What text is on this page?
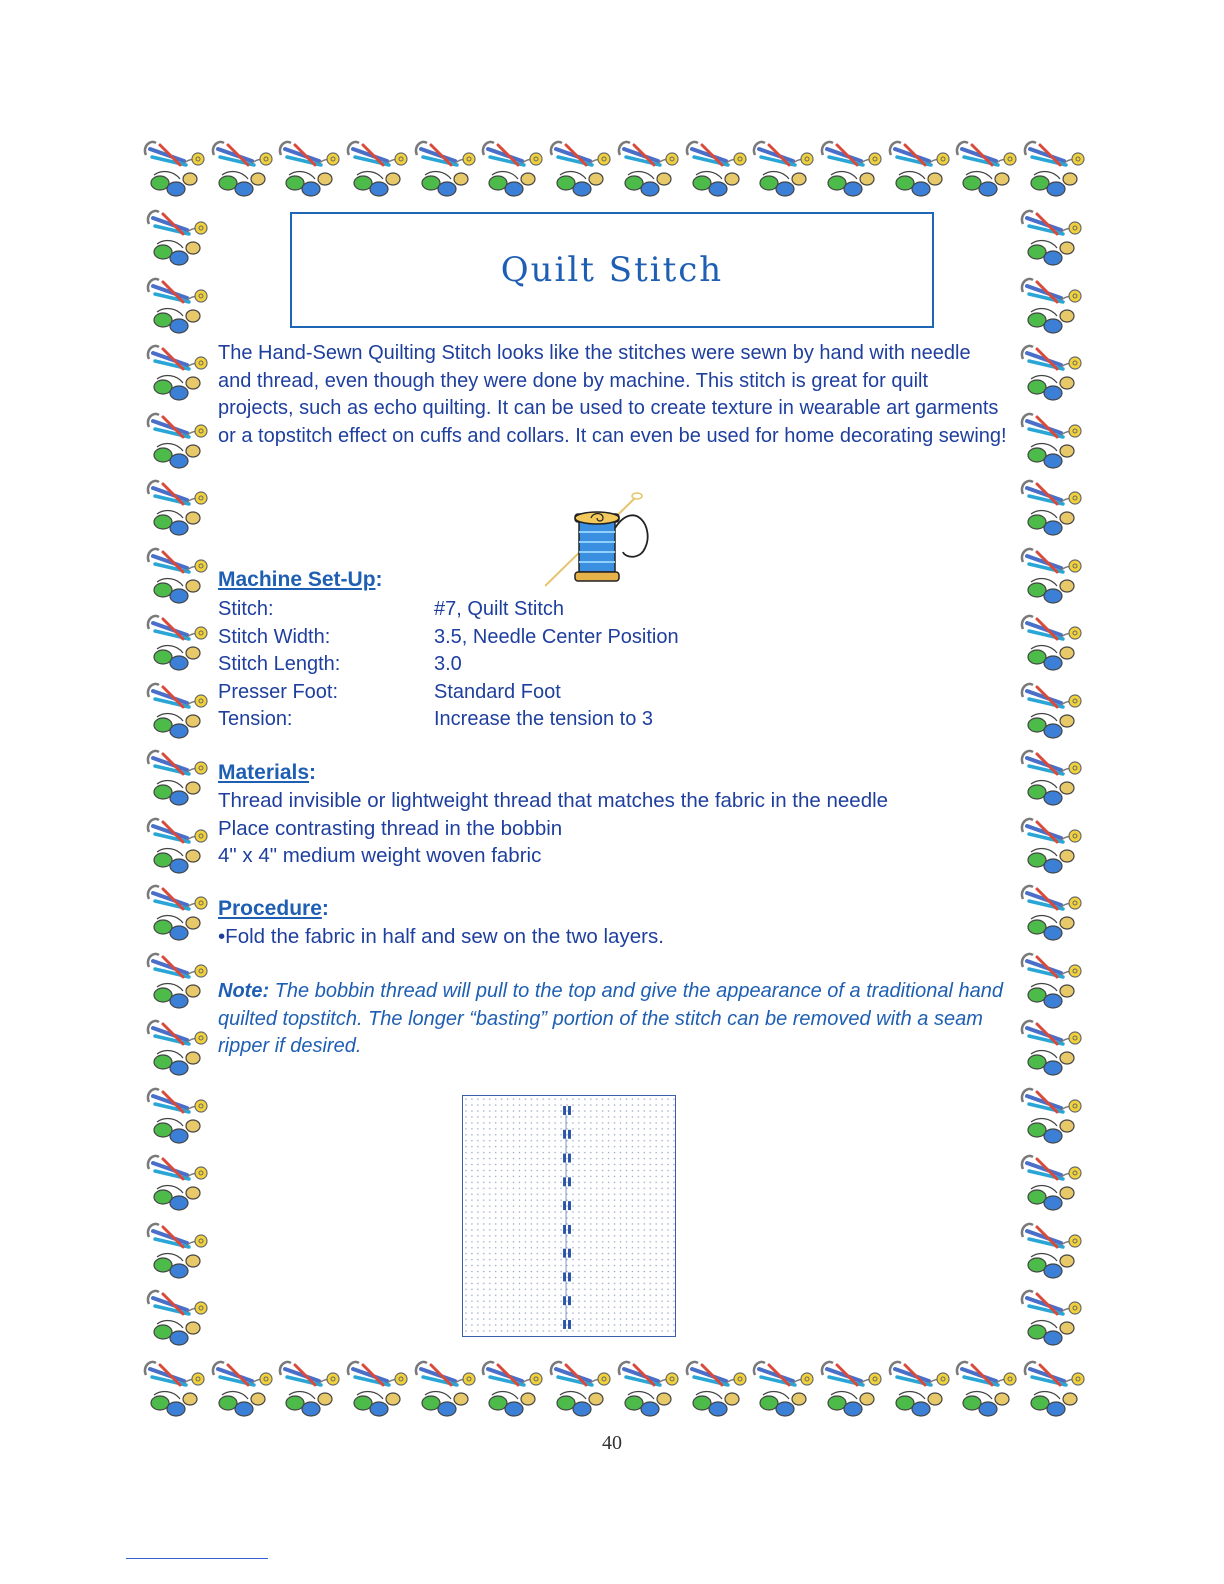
Quilt Stitch

The Hand-Sewn Quilting Stitch looks like the stitches were sewn by hand with needle and thread, even though they were done by machine. This stitch is great for quilt projects, such as echo quilting. It can be used to create texture in wearable art garments or a topstitch effect on cuffs and collars. It can even be used for home decorating sewing!

Machine Set-Up:
Stitch:	#7, Quilt Stitch
Stitch Width:	3.5, Needle Center Position
Stitch Length:	3.0
Presser Foot:	Standard Foot
Tension:	Increase the tension to 3
Materials:
Thread invisible or lightweight thread that matches the fabric in the needle
Place contrasting thread in the bobbin
4" x 4" medium weight woven fabric
Procedure:
•Fold the fabric in half and sew on the two layers.
Note: The bobbin thread will pull to the top and give the appearance of a traditional hand quilted topstitch. The longer “basting” portion of the stitch can be removed with a seam ripper if desired.
40
